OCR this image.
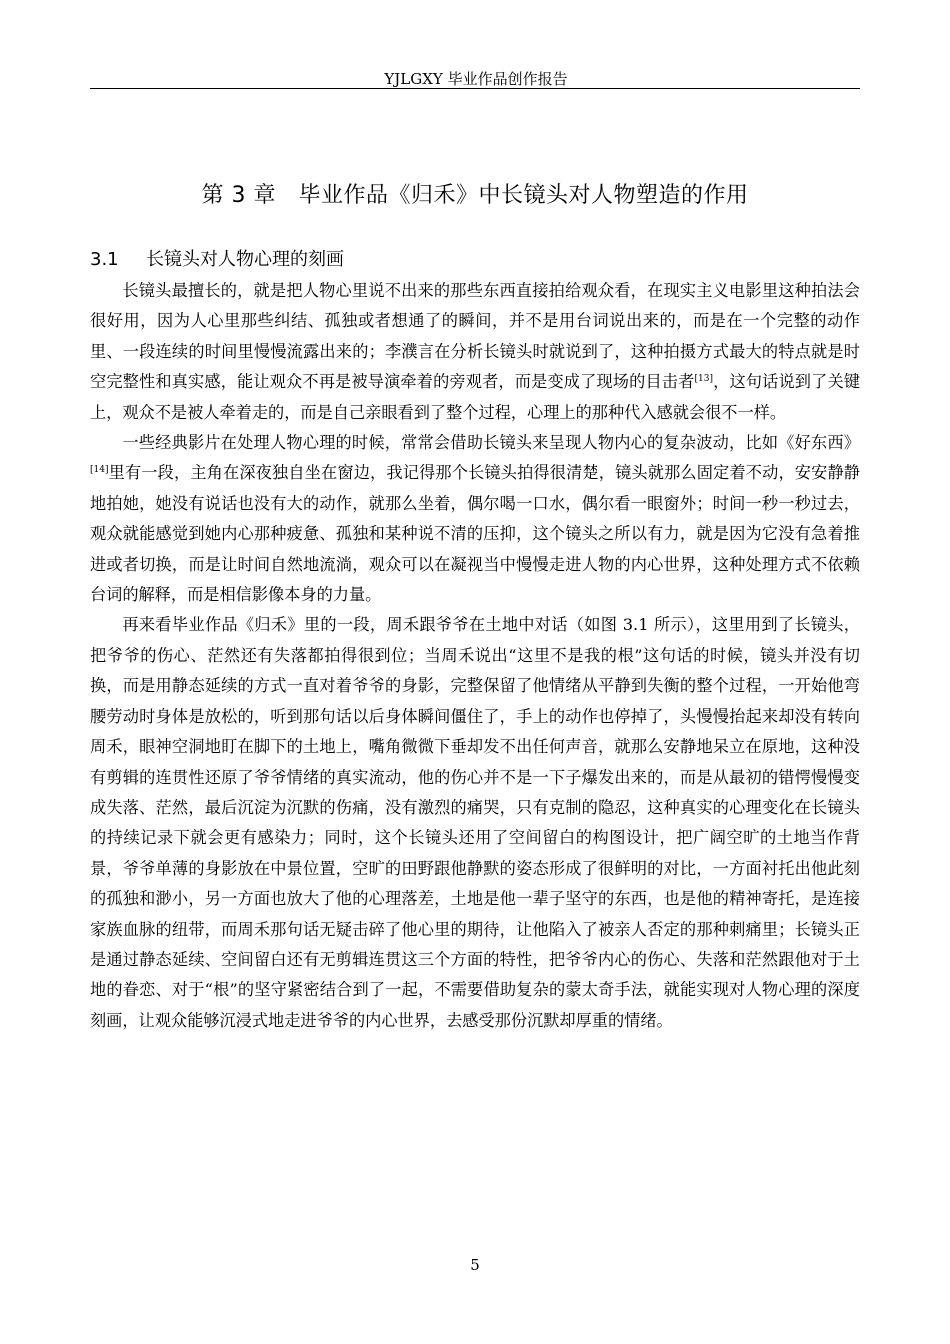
YJLGXY 毕业作品创作报告
第 3 章　毕业作品《归禾》中长镜头对人物塑造的作用
3.1 长镜头对人物心理的刻画

长镜头最擅长的，就是把人物心里说不出来的那些东西直接拍给观众看，在现实主义电影里这种拍法会很好用，因为人心里那些纠结、孤独或者想通了的瞬间，并不是用台词说出来的，而是在一个完整的动作里、一段连续的时间里慢慢流露出来的；李濮言在分析长镜头时就说到了，这种拍摄方式最大的特点就是时空完整性和真实感，能让观众不再是被导演牵着的旁观者，而是变成了现场的目击者[13]，这句话说到了关键上，观众不是被人牵着走的，而是自己亲眼看到了整个过程，心理上的那种代入感就会很不一样。

一些经典影片在处理人物心理的时候，常常会借助长镜头来呈现人物内心的复杂波动，比如《好东西》[14]里有一段，主角在深夜独自坐在窗边，我记得那个长镜头拍得很清楚，镜头就那么固定着不动，安安静静地拍她，她没有说话也没有大的动作，就那么坐着，偶尔喝一口水，偶尔看一眼窗外；时间一秒一秒过去，观众就能感觉到她内心那种疲惫、孤独和某种说不清的压抑，这个镜头之所以有力，就是因为它没有急着推进或者切换，而是让时间自然地流淌，观众可以在凝视当中慢慢走进人物的内心世界，这种处理方式不依赖台词的解释，而是相信影像本身的力量。

再来看毕业作品《归禾》里的一段，周禾跟爷爷在土地中对话（如图 3.1 所示），这里用到了长镜头，把爷爷的伤心、茫然还有失落都拍得很到位；当周禾说出“这里不是我的根”这句话的时候，镜头并没有切换，而是用静态延续的方式一直对着爷爷的身影，完整保留了他情绪从平静到失衡的整个过程，一开始他弯腰劳动时身体是放松的，听到那句话以后身体瞬间僵住了，手上的动作也停掉了，头慢慢抬起来却没有转向周禾，眼神空洞地盯在脚下的土地上，嘴角微微下垂却发不出任何声音，就那么安静地呆立在原地，这种没有剪辑的连贯性还原了爷爷情绪的真实流动，他的伤心并不是一下子爆发出来的，而是从最初的错愕慢慢变成失落、茫然，最后沉淀为沉默的伤痛，没有激烈的痛哭，只有克制的隐忍，这种真实的心理变化在长镜头的持续记录下就会更有感染力；同时，这个长镜头还用了空间留白的构图设计，把广阔空旷的土地当作背景，爷爷单薄的身影放在中景位置，空旷的田野跟他静默的姿态形成了很鲜明的对比，一方面衬托出他此刻的孤独和渺小，另一方面也放大了他的心理落差，土地是他一辈子坚守的东西，也是他的精神寄托，是连接家族血脉的纽带，而周禾那句话无疑击碎了他心里的期待，让他陷入了被亲人否定的那种刺痛里；长镜头正是通过静态延续、空间留白还有无剪辑连贯这三个方面的特性，把爷爷内心的伤心、失落和茫然跟他对于土地的眷恋、对于“根”的坚守紧密结合到了一起，不需要借助复杂的蒙太奇手法，就能实现对人物心理的深度刻画，让观众能够沉浸式地走进爷爷的内心世界，去感受那份沉默却厚重的情绪。

5
